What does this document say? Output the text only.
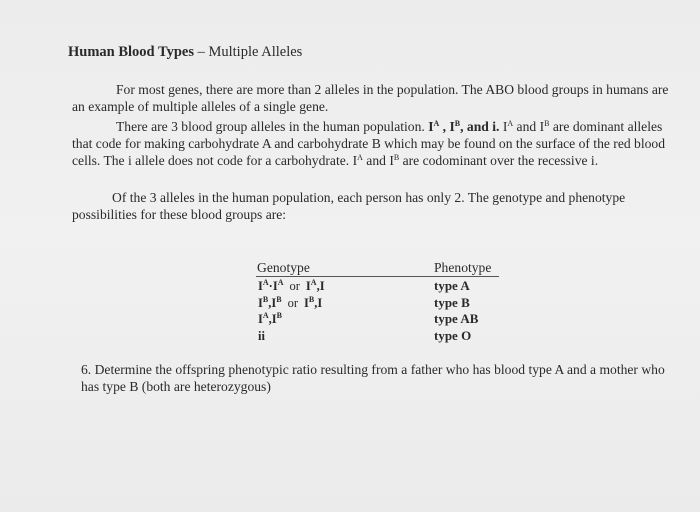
Human Blood Types – Multiple Alleles
For most genes, there are more than 2 alleles in the population. The ABO blood groups in humans are an example of multiple alleles of a single gene.
There are 3 blood group alleles in the human population. $I^A$ , $I^B$, and i. $I^A$ and $I^B$ are dominant alleles that code for making carbohydrate A and carbohydrate B which may be found on the surface of the red blood cells. The i allele does not code for a carbohydrate. $I^A$ and $I^B$ are codominant over the recessive i.
Of the 3 alleles in the human population, each person has only 2. The genotype and phenotype possibilities for these blood groups are:
Genotype	Phenotype
$I^A\cdot I^A$ or $I^A,I$
$I^B,I^B$ or $I^B,I$
$I^A,I^B$
ii
type A
type B
type AB
type O
6. Determine the offspring phenotypic ratio resulting from a father who has blood type A and a mother who has type B (both are heterozygous)
